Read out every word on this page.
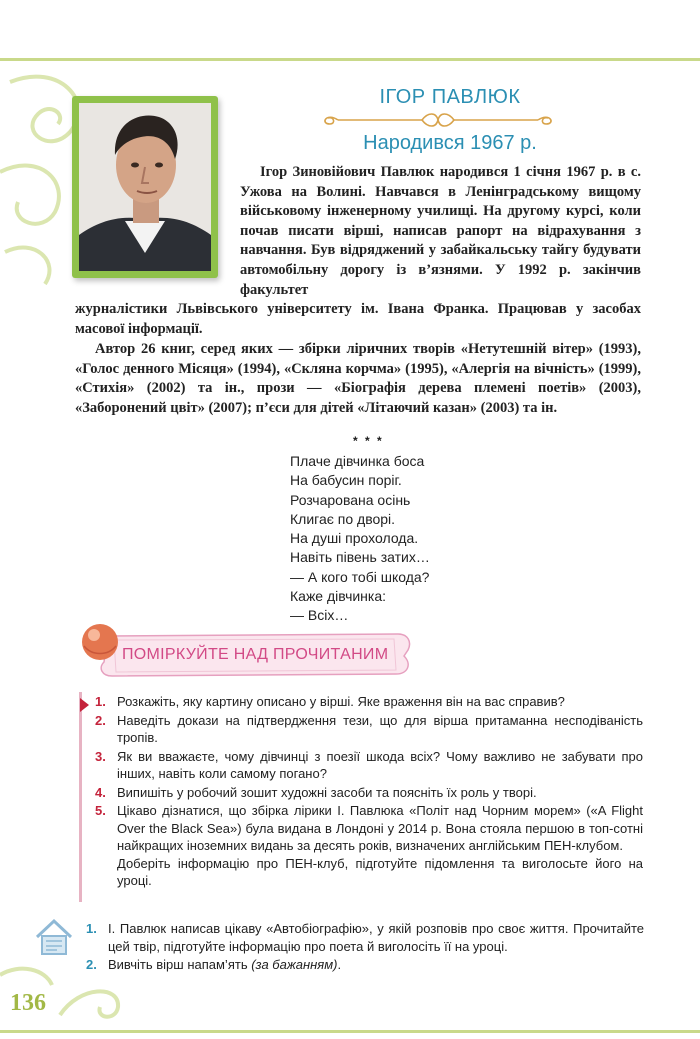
ІГОР ПАВЛЮК
Народився 1967 р.

Ігор Зиновійович Павлюк народився 1 січня 1967 р. в с. Ужова на Волині. Навчався в Ленінградському вищому військовому інженерному училищі. На другому курсі, коли почав писати вірші, написав рапорт на відрахування з навчання. Був відряджений у забайкальську тайгу будувати автомобільну дорогу із в’язнями. У 1992 р. закінчив факультет

журналістики Львівського університету ім. Івана Франка. Працював у засобах масової інформації.

Автор 26 книг, серед яких — збірки ліричних творів «Нетутешній вітер» (1993), «Голос денного Місяця» (1994), «Скляна корчма» (1995), «Алергія на вічність» (1999), «Стихія» (2002) та ін., прози — «Біографія дерева племені поетів» (2003), «Заборонений цвіт» (2007); п’єси для дітей «Літаючий казан» (2003) та ін.

* * *
Плаче дівчинка боса
На бабусин поріг.
Розчарована осінь
Клигає по дворі.
На душі прохолода.
Навіть півень затих…
— А кого тобі шкода?
Каже дівчинка:
— Всіх…
ПОМІРКУЙТЕ НАД ПРОЧИТАНИМ
1. Розкажіть, яку картину описано у вірші. Яке враження він на вас справив?
2. Наведіть докази на підтвердження тези, що для вірша притаманна несподіваність тропів.
3. Як ви вважаєте, чому дівчинці з поезії шкода всіх? Чому важливо не забувати про інших, навіть коли самому погано?
4. Випишіть у робочий зошит художні засоби та поясніть їх роль у творі.
5. Цікаво дізнатися, що збірка лірики І. Павлюка «Політ над Чорним морем» («A Flight Over the Black Sea») була видана в Лондоні у 2014 р. Вона стояла першою в топ-сотні найкращих іноземних видань за десять років, визначених англійським ПЕН-клубом.
Доберіть інформацію про ПЕН-клуб, підготуйте підомлення та виголосьте його на уроці.
1. І. Павлюк написав цікаву «Автобіографію», у якій розповів про своє життя. Прочитайте цей твір, підготуйте інформацію про поета й виголосіть її на уроці.
2. Вивчіть вірш напам’ять (за бажанням).
136
